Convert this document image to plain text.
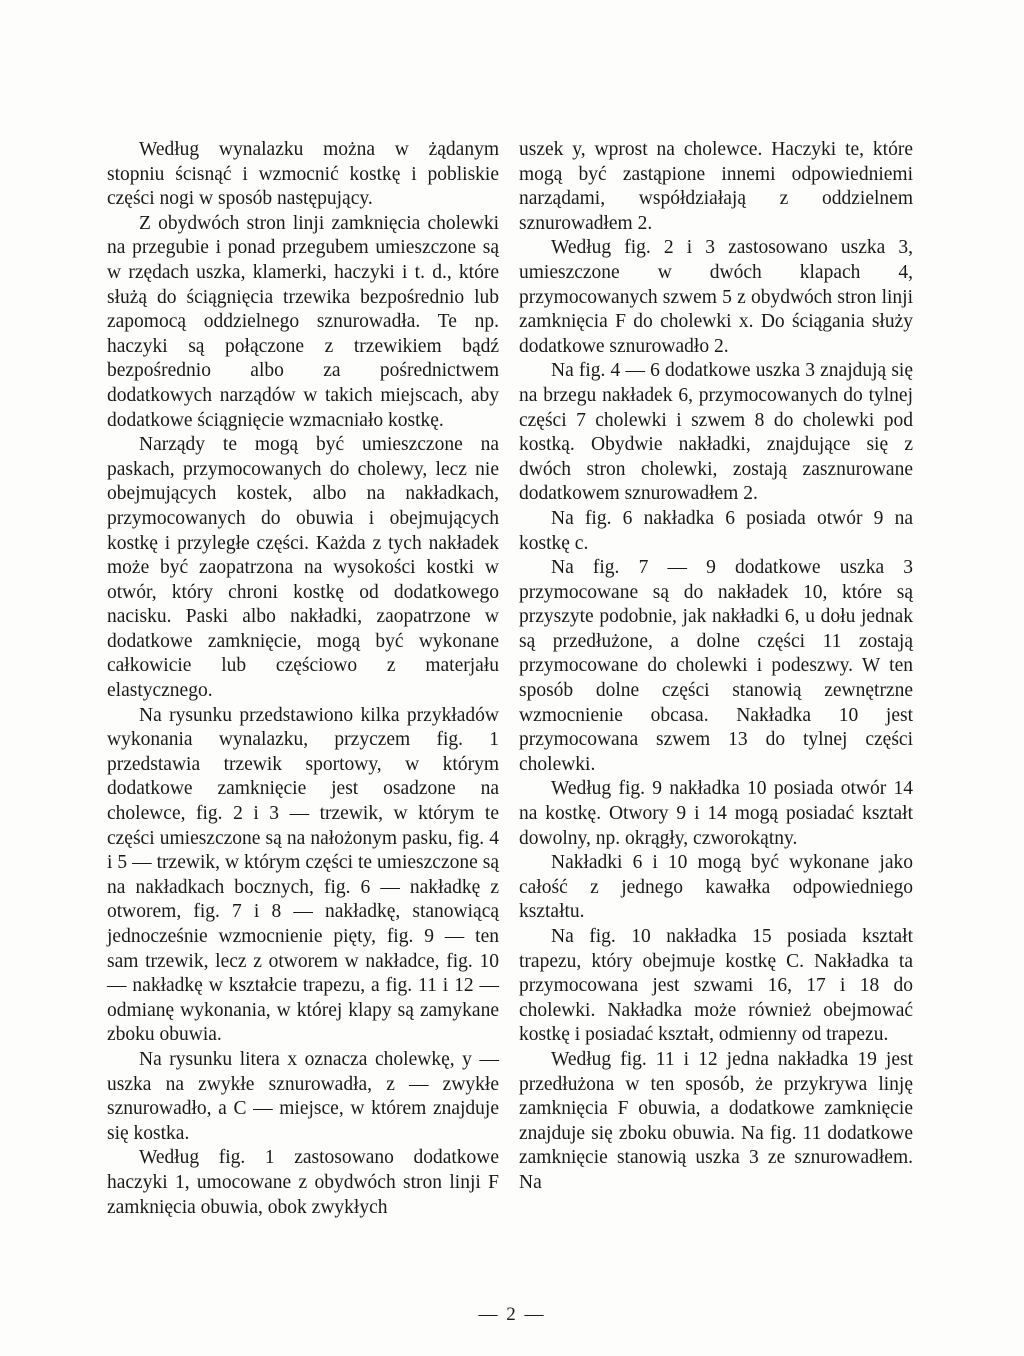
Według wynalazku można w żądanym stopniu ścisnąć i wzmocnić kostkę i pobliskie części nogi w sposób następujący.

Z obydwóch stron linji zamknięcia cholewki na przegubie i ponad przegubem umieszczone są w rzędach uszka, klamerki, haczyki i t. d., które służą do ściągnięcia trzewika bezpośrednio lub zapomocą oddzielnego sznurowadła. Te np. haczyki są połączone z trzewikiem bądź bezpośrednio albo za pośrednictwem dodatkowych narządów w takich miejscach, aby dodatkowe ściągnięcie wzmacniało kostkę.

Narządy te mogą być umieszczone na paskach, przymocowanych do cholewy, lecz nie obejmujących kostek, albo na nakładkach, przymocowanych do obuwia i obejmujących kostkę i przyległe części. Każda z tych nakładek może być zaopatrzona na wysokości kostki w otwór, który chroni kostkę od dodatkowego nacisku. Paski albo nakładki, zaopatrzone w dodatkowe zamknięcie, mogą być wykonane całkowicie lub częściowo z materjału elastycznego.

Na rysunku przedstawiono kilka przykładów wykonania wynalazku, przyczem fig. 1 przedstawia trzewik sportowy, w którym dodatkowe zamknięcie jest osadzone na cholewce, fig. 2 i 3 — trzewik, w którym te części umieszczone są na nałożonym pasku, fig. 4 i 5 — trzewik, w którym części te umieszczone są na nakładkach bocznych, fig. 6 — nakładkę z otworem, fig. 7 i 8 — nakładkę, stanowiącą jednocześnie wzmocnienie pięty, fig. 9 — ten sam trzewik, lecz z otworem w nakładce, fig. 10 — nakładkę w kształcie trapezu, a fig. 11 i 12 — odmianę wykonania, w której klapy są zamykane zboku obuwia.

Na rysunku litera x oznacza cholewkę, y — uszka na zwykłe sznurowadła, z — zwykłe sznurowadło, a C — miejsce, w którem znajduje się kostka.

Według fig. 1 zastosowano dodatkowe haczyki 1, umocowane z obydwóch stron linji F zamknięcia obuwia, obok zwykłych

uszek y, wprost na cholewce. Haczyki te, które mogą być zastąpione innemi odpowiedniemi narządami, współdziałają z oddzielnem sznurowadłem 2.

Według fig. 2 i 3 zastosowano uszka 3, umieszczone w dwóch klapach 4, przymocowanych szwem 5 z obydwóch stron linji zamknięcia F do cholewki x. Do ściągania służy dodatkowe sznurowadło 2.

Na fig. 4 — 6 dodatkowe uszka 3 znajdują się na brzegu nakładek 6, przymocowanych do tylnej części 7 cholewki i szwem 8 do cholewki pod kostką. Obydwie nakładki, znajdujące się z dwóch stron cholewki, zostają zasznurowane dodatkowem sznurowadłem 2.

Na fig. 6 nakładka 6 posiada otwór 9 na kostkę c.

Na fig. 7 — 9 dodatkowe uszka 3 przymocowane są do nakładek 10, które są przyszyte podobnie, jak nakładki 6, u dołu jednak są przedłużone, a dolne części 11 zostają przymocowane do cholewki i podeszwy. W ten sposób dolne części stanowią zewnętrzne wzmocnienie obcasa. Nakładka 10 jest przymocowana szwem 13 do tylnej części cholewki.

Według fig. 9 nakładka 10 posiada otwór 14 na kostkę. Otwory 9 i 14 mogą posiadać kształt dowolny, np. okrągły, czworokątny.

Nakładki 6 i 10 mogą być wykonane jako całość z jednego kawałka odpowiedniego kształtu.

Na fig. 10 nakładka 15 posiada kształt trapezu, który obejmuje kostkę C. Nakładka ta przymocowana jest szwami 16, 17 i 18 do cholewki. Nakładka może również obejmować kostkę i posiadać kształt, odmienny od trapezu.

Według fig. 11 i 12 jedna nakładka 19 jest przedłużona w ten sposób, że przykrywa linję zamknięcia F obuwia, a dodatkowe zamknięcie znajduje się zboku obuwia. Na fig. 11 dodatkowe zamknięcie stanowią uszka 3 ze sznurowadłem. Na

— 2 —
